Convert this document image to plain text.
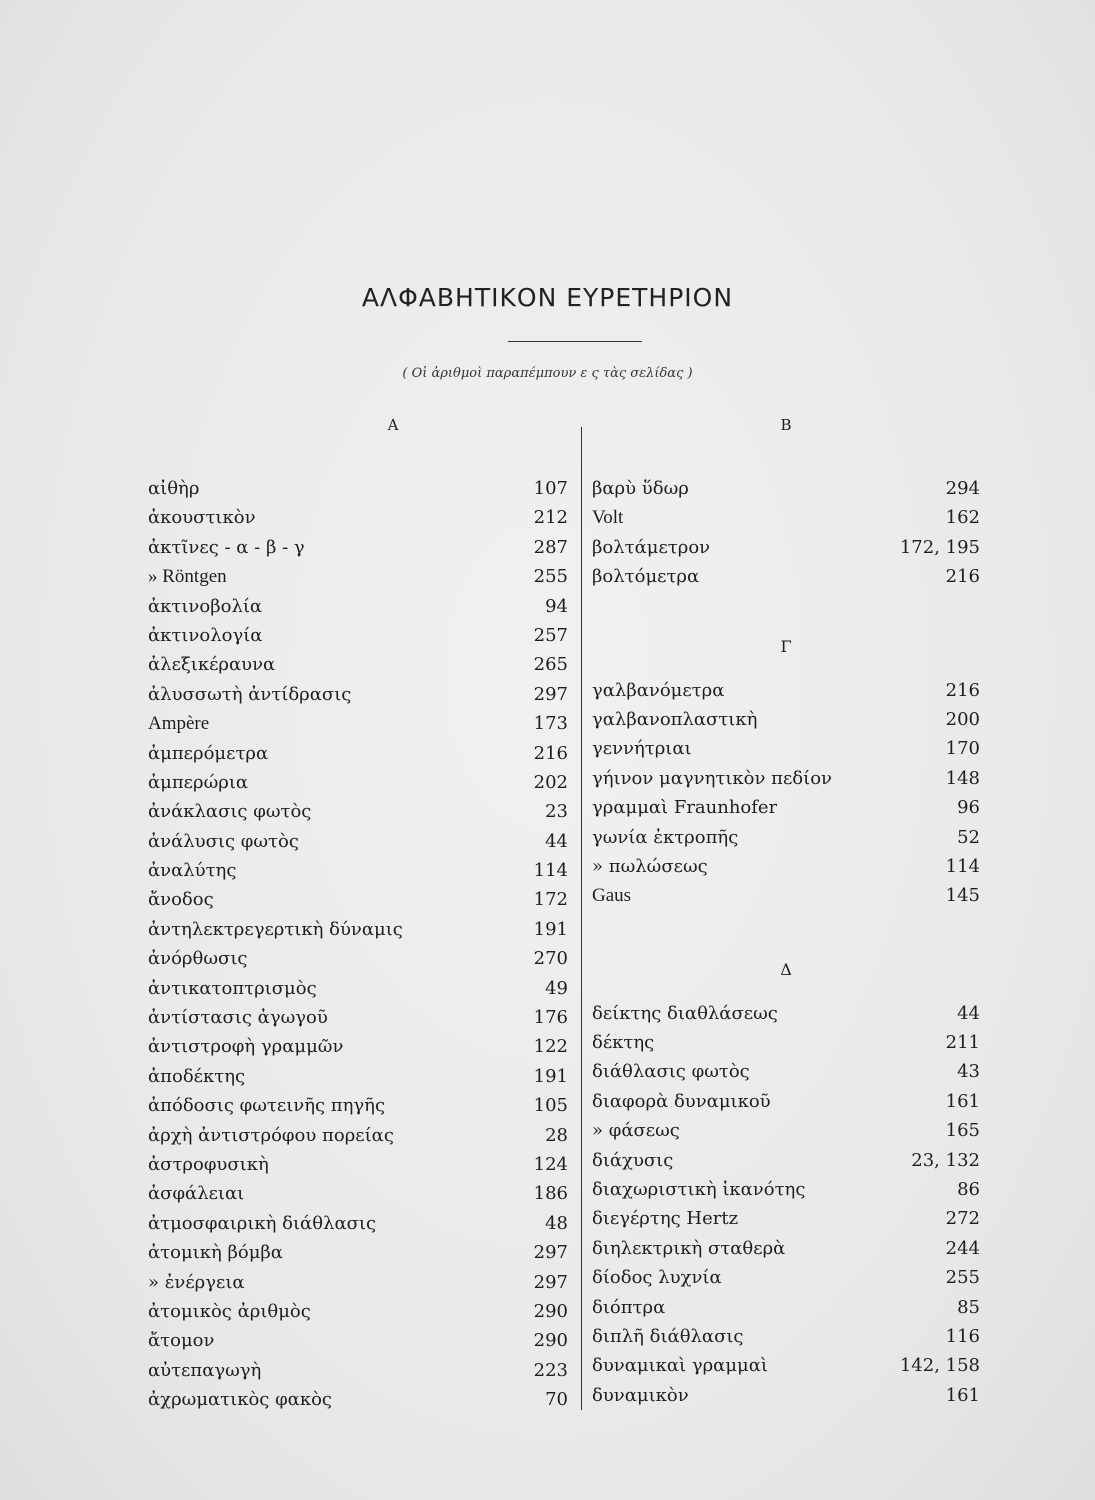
ΑΛΦΑΒΗΤΙΚΟΝ ΕΥΡΕΤΗΡΙΟΝ
( Οἱ ἀριθμοὶ παραπέμπουν ε ς τὰς σελίδας )
Α
αἰθὴρ	107
ἀκουστικὸν	212
ἀκτῖνες - α - β - γ	287
» Röntgen	255
ἀκτινοβολία	94
ἀκτινολογία	257
ἀλεξικέραυνα	265
ἀλυσσωτὴ ἀντίδρασις	297
Ampère	173
ἀμπερόμετρα	216
ἀμπερώρια	202
ἀνάκλασις φωτὸς	23
ἀνάλυσις φωτὸς	44
ἀναλύτης	114
ἄνοδος	172
ἀντηλεκτρεγερτικὴ δύναμις	191
ἀνόρθωσις	270
ἀντικατοπτρισμὸς	49
ἀντίστασις ἀγωγοῦ	176
ἀντιστροφὴ γραμμῶν	122
ἀποδέκτης	191
ἀπόδοσις φωτεινῆς πηγῆς	105
ἀρχὴ ἀντιστρόφου πορείας	28
ἀστροφυσικὴ	124
ἀσφάλειαι	186
ἀτμοσφαιρικὴ διάθλασις	48
ἀτομικὴ βόμβα	297
» ἐνέργεια	297
ἀτομικὸς ἀριθμὸς	290
ἄτομον	290
αὐτεπαγωγὴ	223
ἀχρωματικὸς φακὸς	70
Β
βαρὺ ὕδωρ	294
Volt	162
βολτάμετρον	172, 195
βολτόμετρα	216
Γ
γαλβανόμετρα	216
γαλβανοπλαστικὴ	200
γεννήτριαι	170
γήινον μαγνητικὸν πεδίον	148
γραμμαὶ Fraunhofer	96
γωνία ἐκτροπῆς	52
» πωλώσεως	114
Gaus	145
Δ
δείκτης διαθλάσεως	44
δέκτης	211
διάθλασις φωτὸς	43
διαφορὰ δυναμικοῦ	161
» φάσεως	165
διάχυσις	23, 132
διαχωριστικὴ ἱκανότης	86
διεγέρτης Hertz	272
διηλεκτρικὴ σταθερὰ	244
δίοδος λυχνία	255
διόπτρα	85
διπλῆ διάθλασις	116
δυναμικαὶ γραμμαὶ	142, 158
δυναμικὸν	161
